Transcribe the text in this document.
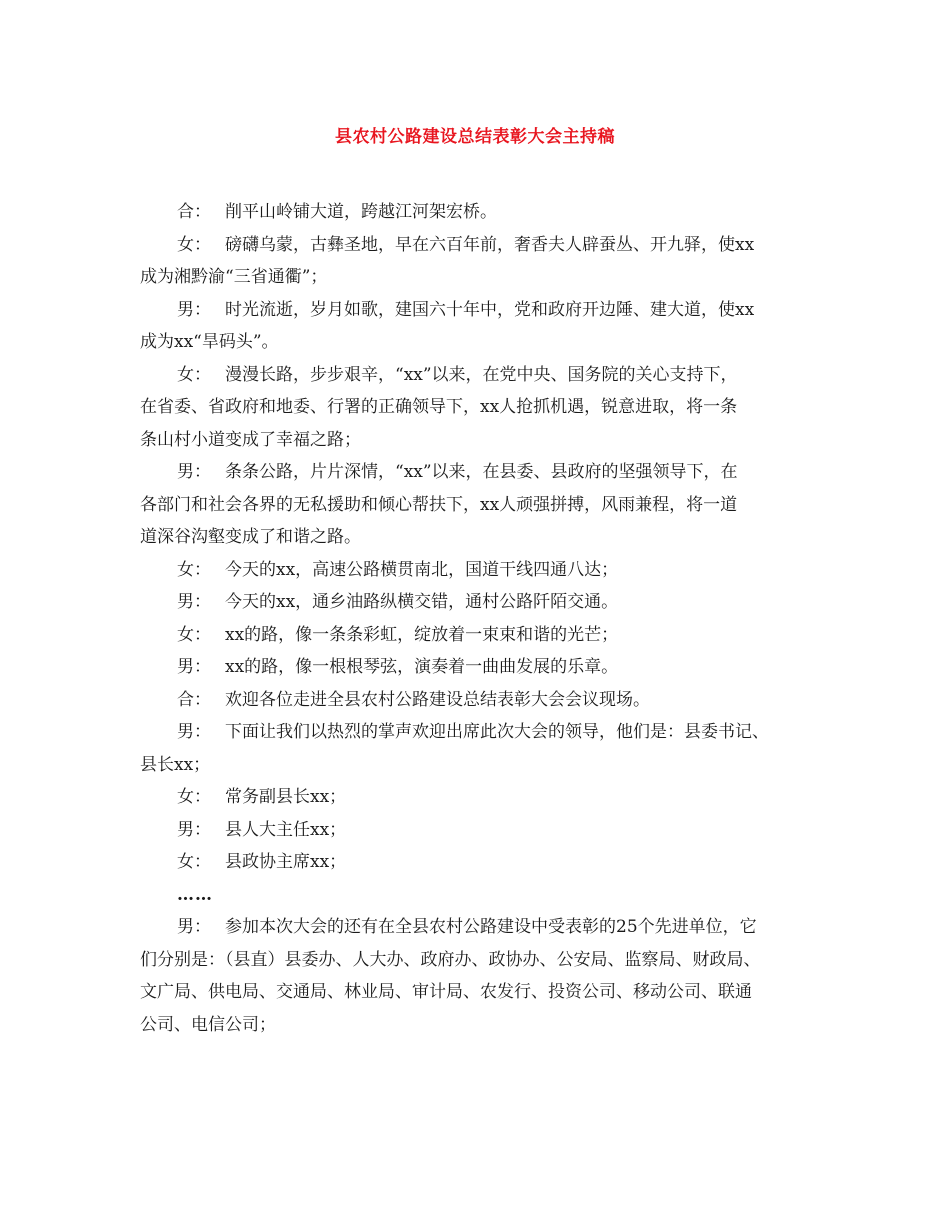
县农村公路建设总结表彰大会主持稿
合： 削平山岭铺大道，跨越江河架宏桥。
女： 磅礴乌蒙，古彝圣地，早在六百年前，奢香夫人辟蚕丛、开九驿，使xx
成为湘黔渝“三省通衢”；
男： 时光流逝，岁月如歌，建国六十年中，党和政府开边陲、建大道，使xx
成为xx“旱码头”。
女： 漫漫长路，步步艰辛，“xx”以来，在党中央、国务院的关心支持下，
在省委、省政府和地委、行署的正确领导下，xx人抢抓机遇，锐意进取，将一条
条山村小道变成了幸福之路；
男： 条条公路，片片深情，“xx”以来，在县委、县政府的坚强领导下，在
各部门和社会各界的无私援助和倾心帮扶下，xx人顽强拼搏，风雨兼程，将一道
道深谷沟壑变成了和谐之路。
女： 今天的xx，高速公路横贯南北，国道干线四通八达；
男： 今天的xx，通乡油路纵横交错，通村公路阡陌交通。
女： xx的路，像一条条彩虹，绽放着一束束和谐的光芒；
男： xx的路，像一根根琴弦，演奏着一曲曲发展的乐章。
合： 欢迎各位走进全县农村公路建设总结表彰大会会议现场。
男： 下面让我们以热烈的掌声欢迎出席此次大会的领导，他们是：县委书记、
县长xx；
女： 常务副县长xx；
男： 县人大主任xx；
女： 县政协主席xx；
……
男： 参加本次大会的还有在全县农村公路建设中受表彰的25个先进单位，它
们分别是：（县直）县委办、人大办、政府办、政协办、公安局、监察局、财政局、
文广局、供电局、交通局、林业局、审计局、农发行、投资公司、移动公司、联通
公司、电信公司；
